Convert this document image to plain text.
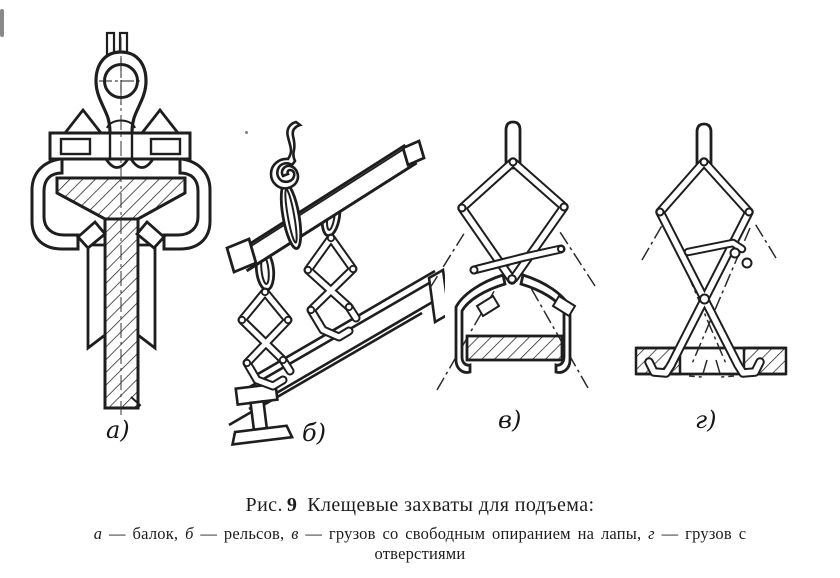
а)	б)	в)	г)
Рис. 9 Клещевые захваты для подъема:
а — балок, б — рельсов, в — грузов со свободным опиранием на лапы, г — грузов с
отверстиями
